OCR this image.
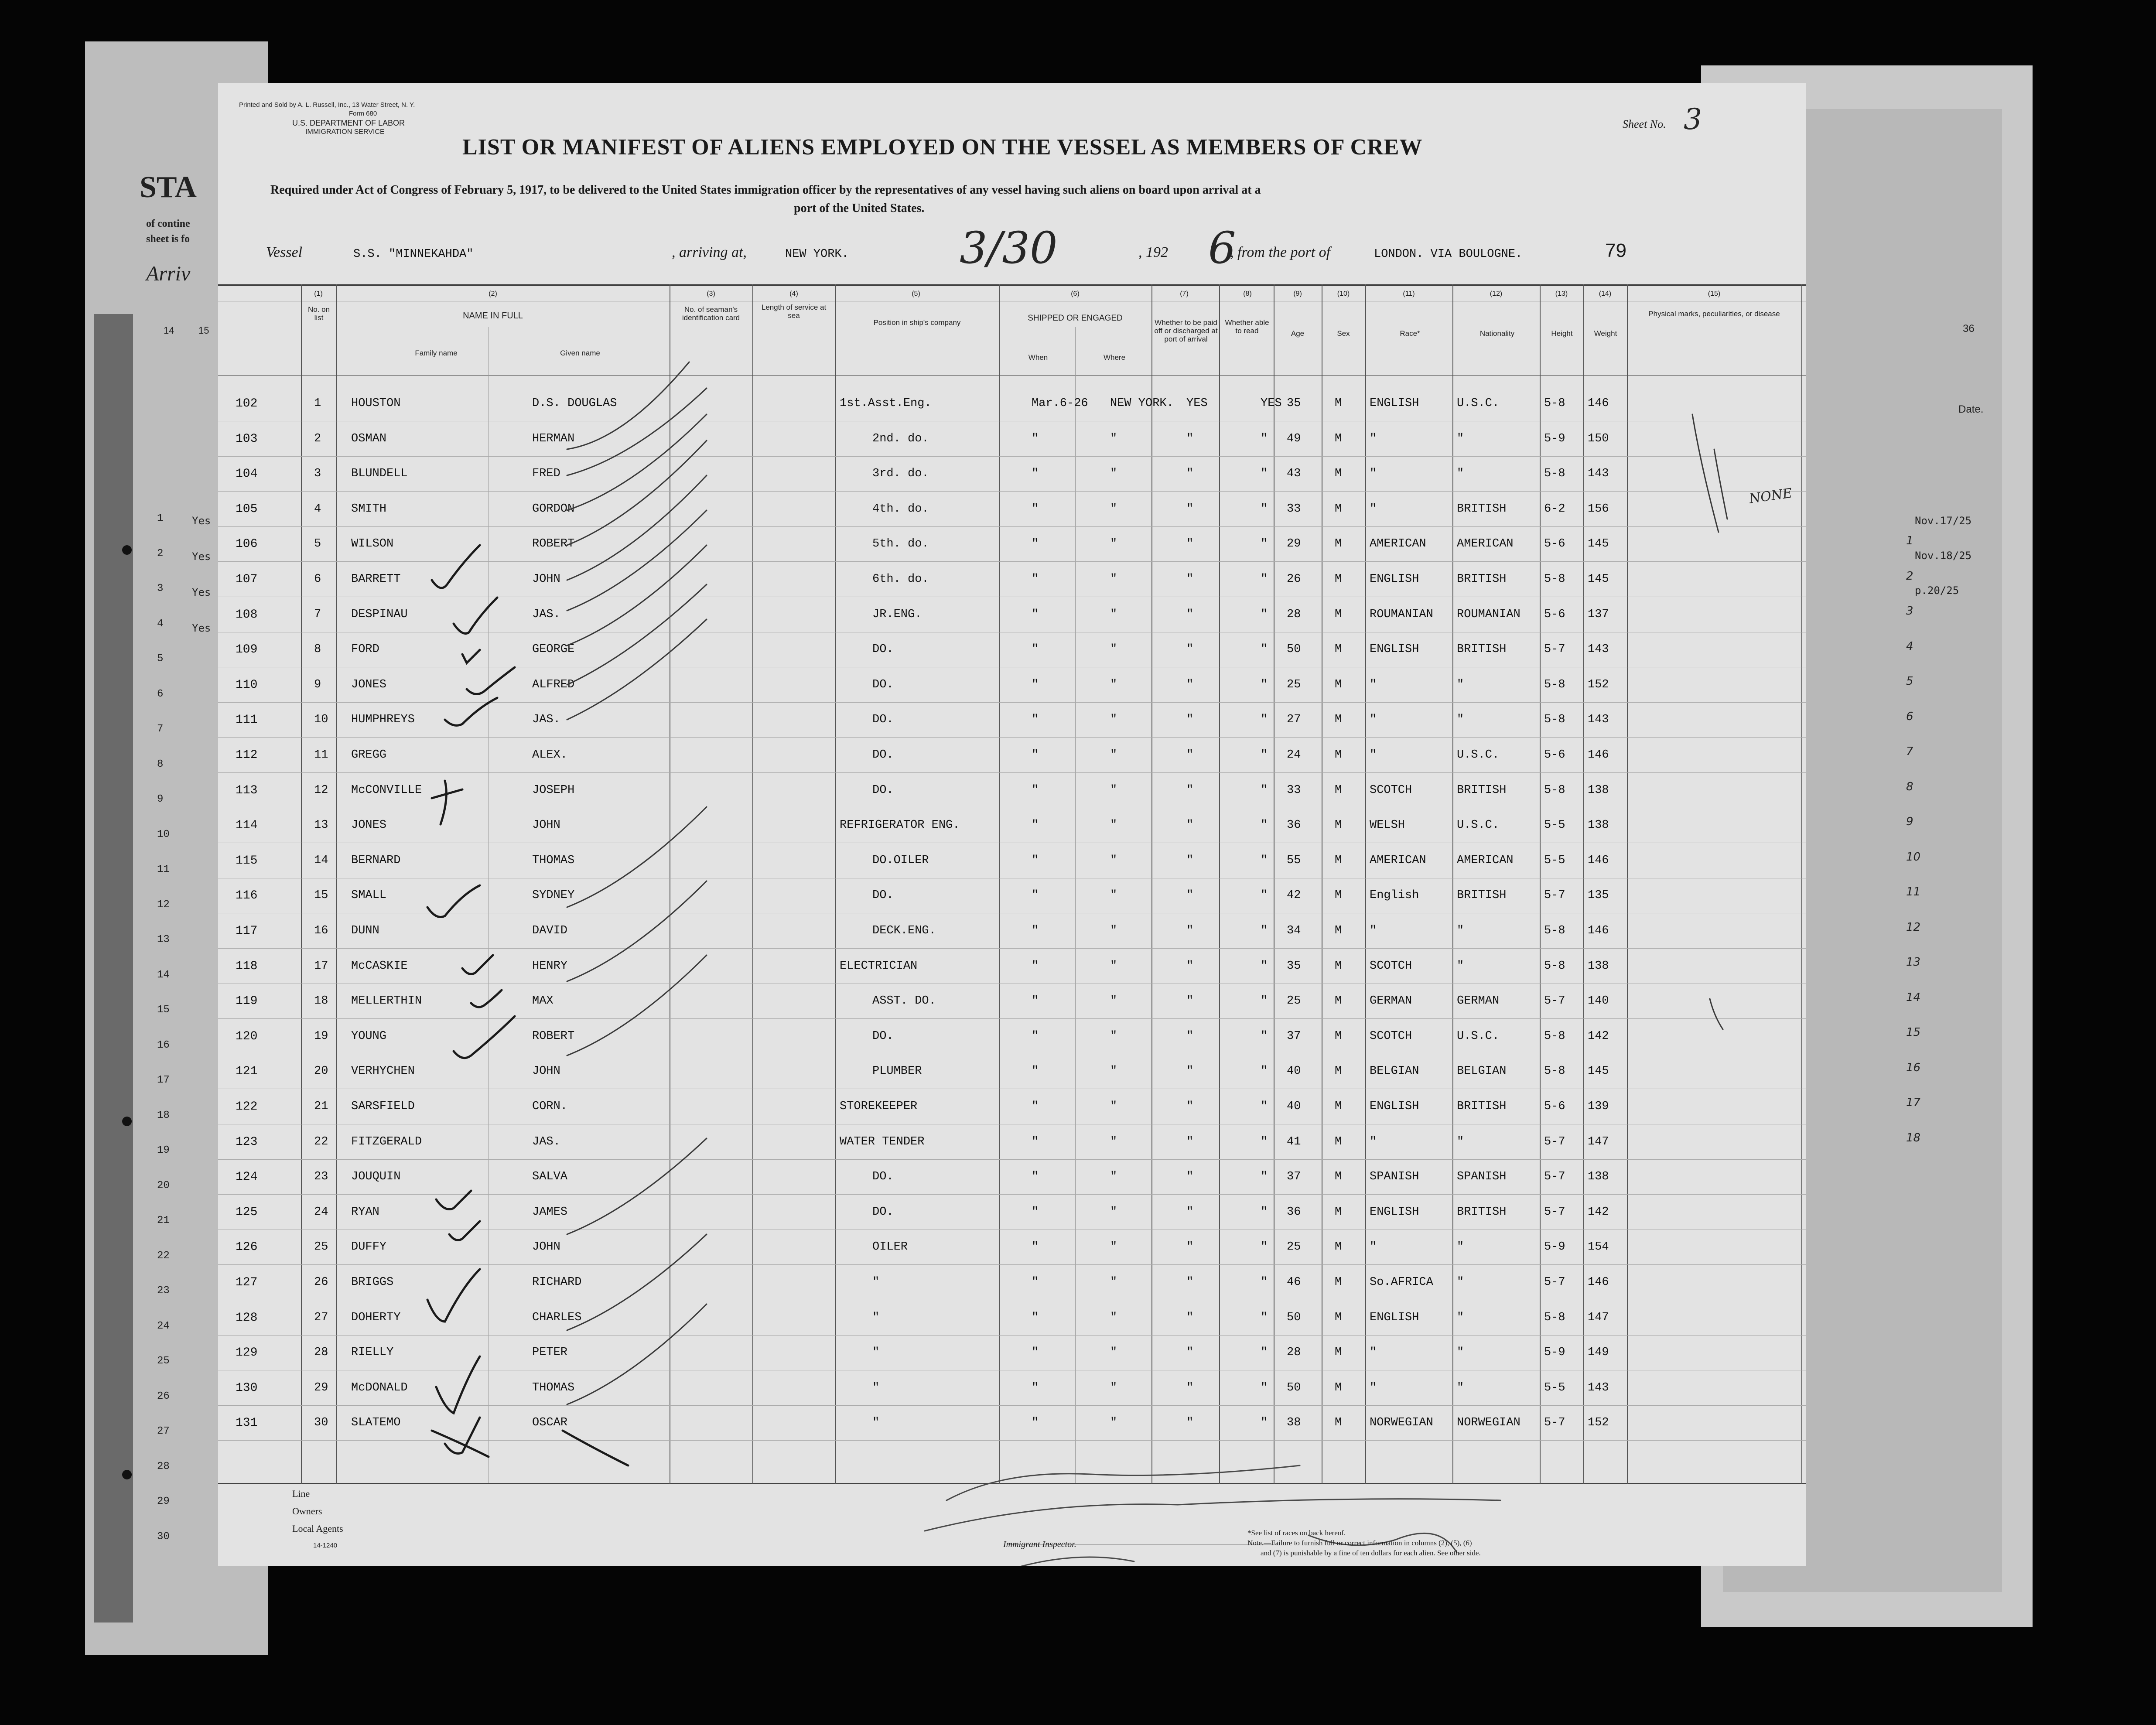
STA
of contine
sheet is fo
Arriv
14	15
Yes
Yes
Yes
Yes
1
2
3
4
5
6
7
8
9
10
11
12
13
14
15
16
17
18
19
20
21
22
23
24
25
26
27
28
29
30
36
Date.
Nov.17/25
Nov.18/25
p.20/25
1
2
3
4
5
6
7
8
9
10
11
12
13
14
15
16
17
18
Printed and Sold by A. L. Russell, Inc., 13 Water Street, N. Y.
Form 680
U.S. DEPARTMENT OF LABOR
IMMIGRATION SERVICE
Sheet No. 3
LIST OR MANIFEST OF ALIENS EMPLOYED ON THE VESSEL AS MEMBERS OF CREW
Required under Act of Congress of February 5, 1917, to be delivered to the United States immigration officer by the representatives of any vessel having such aliens on board upon arrival at a
port of the United States.
Vessel	S.S. "MINNEKAHDA"	, arriving at,	NEW YORK.	3/30	, 192 6
, from the port of	LONDON. VIA BOULOGNE.	79
(1)	(2)	(3)	(4)	(5)	(6)	(7)	(8)	(9)	(10)	(11)	(12)	(13)	(14)	(15)
No. on list	NAME IN FULL
Family name	Given name
No. of seaman's identification card
Length of service at sea
Position in ship's company	SHIPPED OR ENGAGED
When	Where
Whether to be paid off or discharged at port of arrival
Whether able to read	Age	Sex	Race*	Nationality	Height	Weight
Physical marks, peculiarities, or disease
102	1	HOUSTON	D.S. DOUGLAS	1st.Asst.Eng.	Mar.6-26 NEW YORK. YES	YES 35	M ENGLISH	U.S.C.	5-8 146
103	2	OSMAN	HERMAN	2nd. do.	"	"	"	" 49	M "	"	5-9 150
104	3	BLUNDELL	FRED	3rd. do.	"	"	"	" 43	M "	"	5-8 143
105	4	SMITH	GORDON	4th. do.	"	"	"	" 33	M "	BRITISH	6-2 156
106	5	WILSON	ROBERT	5th. do.	"	"	"	" 29	M AMERICAN	AMERICAN	5-6 145
107	6	BARRETT	JOHN	6th. do.	"	"	"	" 26	M ENGLISH	BRITISH	5-8 145
108	7	DESPINAU	JAS.	JR.ENG.	"	"	"	" 28	M ROUMANIAN ROUMANIAN 5-6 137
109	8	FORD	GEORGE	DO.	"	"	"	" 50	M ENGLISH	BRITISH	5-7 143
110	9	JONES	ALFRED	DO.	"	"	"	" 25	M "	"	5-8 152
111	10 HUMPHREYS	JAS.	DO.	"	"	"	" 27	M "	"	5-8 143
112	11 GREGG	ALEX.	DO.	"	"	"	" 24	M "	U.S.C.	5-6 146
113	12 McCONVILLE	JOSEPH	DO.	"	"	"	" 33	M SCOTCH	BRITISH	5-8 138
114	13 JONES	JOHN	REFRIGERATOR ENG.	"	"	"	" 36	M WELSH	U.S.C.	5-5 138
115	14 BERNARD	THOMAS	DO.OILER	"	"	"	" 55	M AMERICAN	AMERICAN	5-5 146
116	15 SMALL	SYDNEY	DO.	"	"	"	" 42	M English	BRITISH	5-7 135
117	16 DUNN	DAVID	DECK.ENG.	"	"	"	" 34	M "	"	5-8 146
118	17 McCASKIE	HENRY	ELECTRICIAN	"	"	"	" 35	M SCOTCH	"	5-8 138
119	18 MELLERTHIN	MAX	ASST. DO.	"	"	"	" 25	M GERMAN	GERMAN	5-7 140
120	19 YOUNG	ROBERT	DO.	"	"	"	" 37	M SCOTCH	U.S.C.	5-8 142
121	20 VERHYCHEN	JOHN	PLUMBER	"	"	"	" 40	M BELGIAN	BELGIAN	5-8 145
122	21 SARSFIELD	CORN.	STOREKEEPER	"	"	"	" 40	M ENGLISH	BRITISH	5-6 139
123	22 FITZGERALD	JAS.	WATER TENDER	"	"	"	" 41	M "	"	5-7 147
124	23 JOUQUIN	SALVA	DO.	"	"	"	" 37	M SPANISH	SPANISH	5-7 138
125	24 RYAN	JAMES	DO.	"	"	"	" 36	M ENGLISH	BRITISH	5-7 142
126	25 DUFFY	JOHN	OILER	"	"	"	" 25	M "	"	5-9 154
127	26 BRIGGS	RICHARD	"	"	"	"	" 46	M So.AFRICA "	5-7 146
128	27 DOHERTY	CHARLES	"	"	"	"	" 50	M ENGLISH	"	5-8 147
129	28 RIELLY	PETER	"	"	"	"	" 28	M "	"	5-9 149
130	29 McDONALD	THOMAS	"	"	"	"	" 50	M "	"	5-5 143
131	30 SLATEMO	OSCAR	"	"	"	"	" 38	M NORWEGIAN NORWEGIAN 5-7 152
NONE
Line
Owners
Local Agents
14-1240	Immigrant Inspector.
*See list of races on back hereof.
Note.—Failure to furnish full or correct information in columns (2), (5), (6)
and (7) is punishable by a fine of ten dollars for each alien. See other side.
